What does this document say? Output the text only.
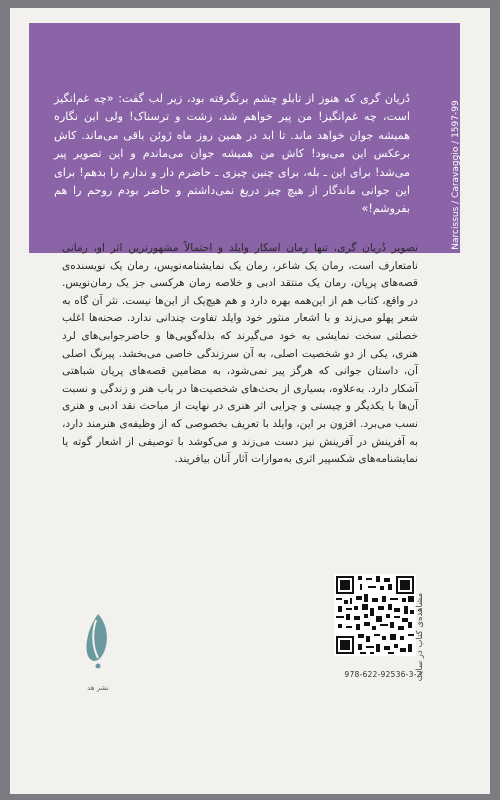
دُریان گری که هنوز از تابلو چشم برنگرفته بود، زیر لب گفت: «چه غم‌انگیز است، چه غم‌انگیز! من پیر خواهم شد، زشت و ترسناک! ولی این نگاره همیشه جوان خواهد ماند. تا ابد در همین روز ماه ژوئن باقی می‌ماند. کاش برعکس این می‌بود! کاش من همیشه جوان می‌ماندم و این تصویر پیر می‌شد! برای این ـ بله، برای چنین چیزی ـ حاضرم دار و ندارم را بدهم! برای این جوانی ماندگار از هیچ چیز دریغ نمی‌داشتم و حاضر بودم روحم را هم بفروشم!»	Narcissus / Caravaggio / 1597-99
تصویر دُریان گری، تنها رمان اسکار وایلد و احتمالاً مشهورترین اثر او، رمانی نامتعارف است، رمان یک شاعر، رمان یک نمایشنامه‌نویس، رمان یک نویسنده‌ی قصه‌های پریان، رمان یک منتقد ادبی و خلاصه رمان هرکسی جز یک رمان‌نویس. در واقع، کتاب هم از این‌همه بهره دارد و هم هیچ‌یک از این‌ها نیست. نثر آن گاه به شعر پهلو می‌زند و با اشعار منثور خود وایلد تفاوت چندانی ندارد. صحنه‌ها اغلب خصلتی سخت نمایشی به خود می‌گیرند که بذله‌گویی‌ها و حاضرجوابی‌های لرد هنری، یکی از دو شخصیت اصلی، به آن سرزندگی خاصی می‌بخشد. پیرنگ اصلی آن، داستان جوانی که هرگز پیر نمی‌شود، به مضامین قصه‌های پریان شباهتی آشکار دارد. به‌علاوه، بسیاری از بحث‌های شخصیت‌ها در باب هنر و زندگی و نسبت آن‌ها با یکدیگر و چیستی و چرایی اثر هنری در نهایت از مباحث نقد ادبی و هنری نسب می‌برد. افزون بر این، وایلد با تعریف بخصوصی که از وظیفه‌ی هنرمند دارد، به آفرینش در آفرینش نیز دست می‌زند و می‌کوشد با توصیفی از اشعار گوته یا نمایشنامه‌های شکسپیر اثری به‌موازات آثار آنان بیافریند.
مشاهده‌ی کتاب در سایت
978-622-92536-3-2
نشر هد
